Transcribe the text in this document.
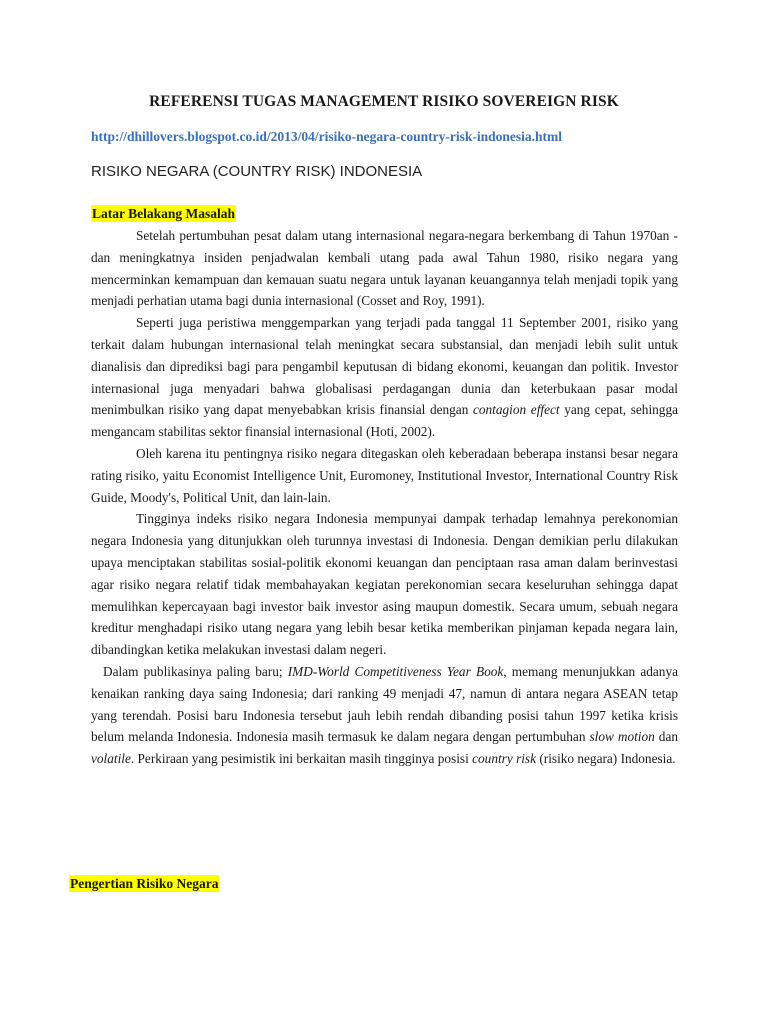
REFERENSI TUGAS MANAGEMENT RISIKO SOVEREIGN RISK
http://dhillovers.blogspot.co.id/2013/04/risiko-negara-country-risk-indonesia.html
RISIKO NEGARA (COUNTRY RISK) INDONESIA
Latar Belakang Masalah

Setelah pertumbuhan pesat dalam utang internasional negara-negara berkembang di Tahun 1970an - dan meningkatnya insiden penjadwalan kembali utang pada awal Tahun 1980, risiko negara yang mencerminkan kemampuan dan kemauan suatu negara untuk layanan keuangannya telah menjadi topik yang menjadi perhatian utama bagi dunia internasional (Cosset and Roy, 1991).

Seperti juga peristiwa menggemparkan yang terjadi pada tanggal 11 September 2001, risiko yang terkait dalam hubungan internasional telah meningkat secara substansial, dan menjadi lebih sulit untuk dianalisis dan diprediksi bagi para pengambil keputusan di bidang ekonomi, keuangan dan politik. Investor internasional juga menyadari bahwa globalisasi perdagangan dunia dan keterbukaan pasar modal menimbulkan risiko yang dapat menyebabkan krisis finansial dengan contagion effect yang cepat, sehingga mengancam stabilitas sektor finansial internasional (Hoti, 2002).

Oleh karena itu pentingnya risiko negara ditegaskan oleh keberadaan beberapa instansi besar negara rating risiko, yaitu Economist Intelligence Unit, Euromoney, Institutional Investor, International Country Risk Guide, Moody's, Political Unit, dan lain-lain.

Tingginya indeks risiko negara Indonesia mempunyai dampak terhadap lemahnya perekonomian negara Indonesia yang ditunjukkan oleh turunnya investasi di Indonesia. Dengan demikian perlu dilakukan upaya menciptakan stabilitas sosial-politik ekonomi keuangan dan penciptaan rasa aman dalam berinvestasi agar risiko negara relatif tidak membahayakan kegiatan perekonomian secara keseluruhan sehingga dapat memulihkan kepercayaan bagi investor baik investor asing maupun domestik. Secara umum, sebuah negara kreditur menghadapi risiko utang negara yang lebih besar ketika memberikan pinjaman kepada negara lain, dibandingkan ketika melakukan investasi dalam negeri.

Dalam publikasinya paling baru; IMD-World Competitiveness Year Book, memang menunjukkan adanya kenaikan ranking daya saing Indonesia; dari ranking 49 menjadi 47, namun di antara negara ASEAN tetap yang terendah. Posisi baru Indonesia tersebut jauh lebih rendah dibanding posisi tahun 1997 ketika krisis belum melanda Indonesia. Indonesia masih termasuk ke dalam negara dengan pertumbuhan slow motion dan volatile. Perkiraan yang pesimistik ini berkaitan masih tingginya posisi country risk (risiko negara) Indonesia.

Pengertian Risiko Negara
